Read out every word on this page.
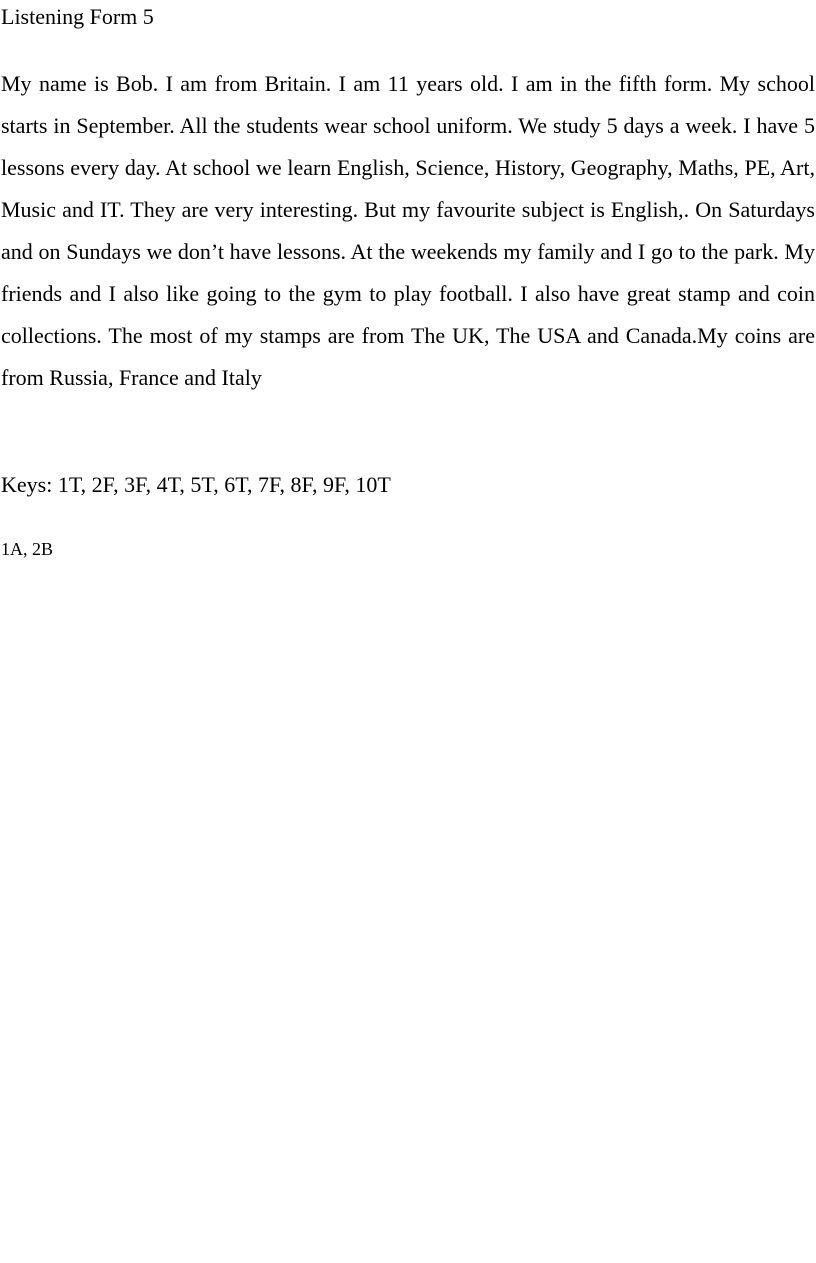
Listening Form 5

My name is Bob. I am from Britain. I am 11 years old. I am in the fifth form. My school starts in September. All the students wear school uniform. We study 5 days a week. I have 5 lessons every day. At school we learn English, Science, History, Geography, Maths, PE, Art, Music and IT. They are very interesting. But my favourite subject is English,. On Saturdays and on Sundays we don’t have lessons. At the weekends my family and I go to the park. My friends and I also like going to the gym to play football. I also have great stamp and coin collections. The most of my stamps are from The UK, The USA and Canada.My coins are from Russia, France and Italy

Keys: 1T, 2F, 3F, 4T, 5T, 6T, 7F, 8F, 9F, 10T

1A, 2B
